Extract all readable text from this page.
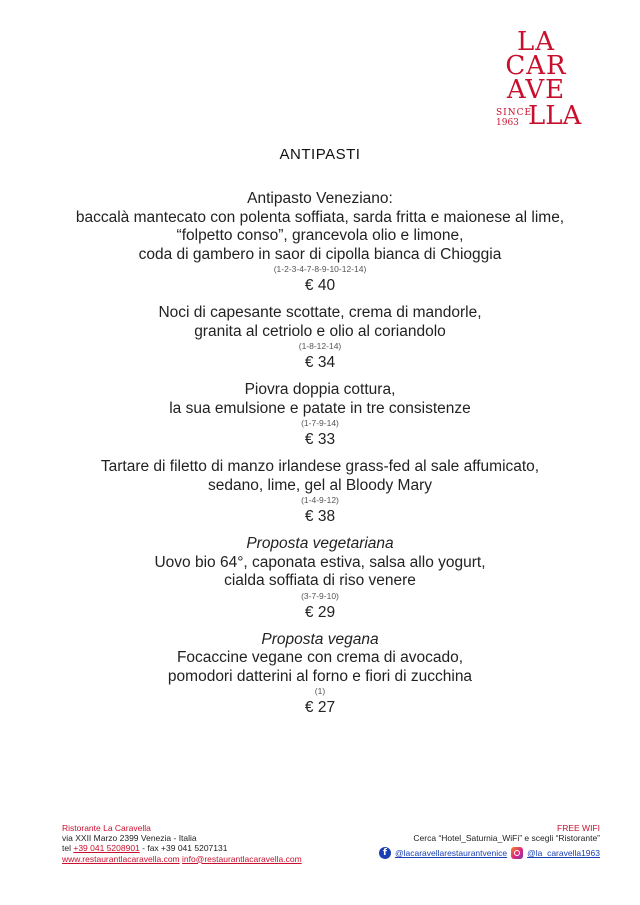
LA
CAR
AVE
SINCE
1963 LLA
ANTIPASTI
Antipasto Veneziano:
baccalà mantecato con polenta soffiata, sarda fritta e maionese al lime,
“folpetto conso”, grancevola olio e limone,
coda di gambero in saor di cipolla bianca di Chioggia
(1-2-3-4-7-8-9-10-12-14)
€ 40
Noci di capesante scottate, crema di mandorle,
granita al cetriolo e olio al coriandolo
(1-8-12-14)
€ 34
Piovra doppia cottura,
la sua emulsione e patate in tre consistenze
(1-7-9-14)
€ 33
Tartare di filetto di manzo irlandese grass-fed al sale affumicato,
sedano, lime, gel al Bloody Mary
(1-4-9-12)
€ 38
Proposta vegetariana
Uovo bio 64°, caponata estiva, salsa allo yogurt,
cialda soffiata di riso venere
(3-7-9-10)
€ 29
Proposta vegana
Focaccine vegane con crema di avocado,
pomodori datterini al forno e fiori di zucchina
(1)
€ 27
Ristorante La Caravella
via XXII Marzo 2399 Venezia - Italia
tel +39 041 5208901 - fax +39 041 5207131
www.restaurantlacaravella.com info@restaurantlacaravella.com
FREE WIFI
Cerca “Hotel_Saturnia_WiFi” e scegli “Ristorante”
f @lacaravellarestaurantvenice @la_caravella1963
